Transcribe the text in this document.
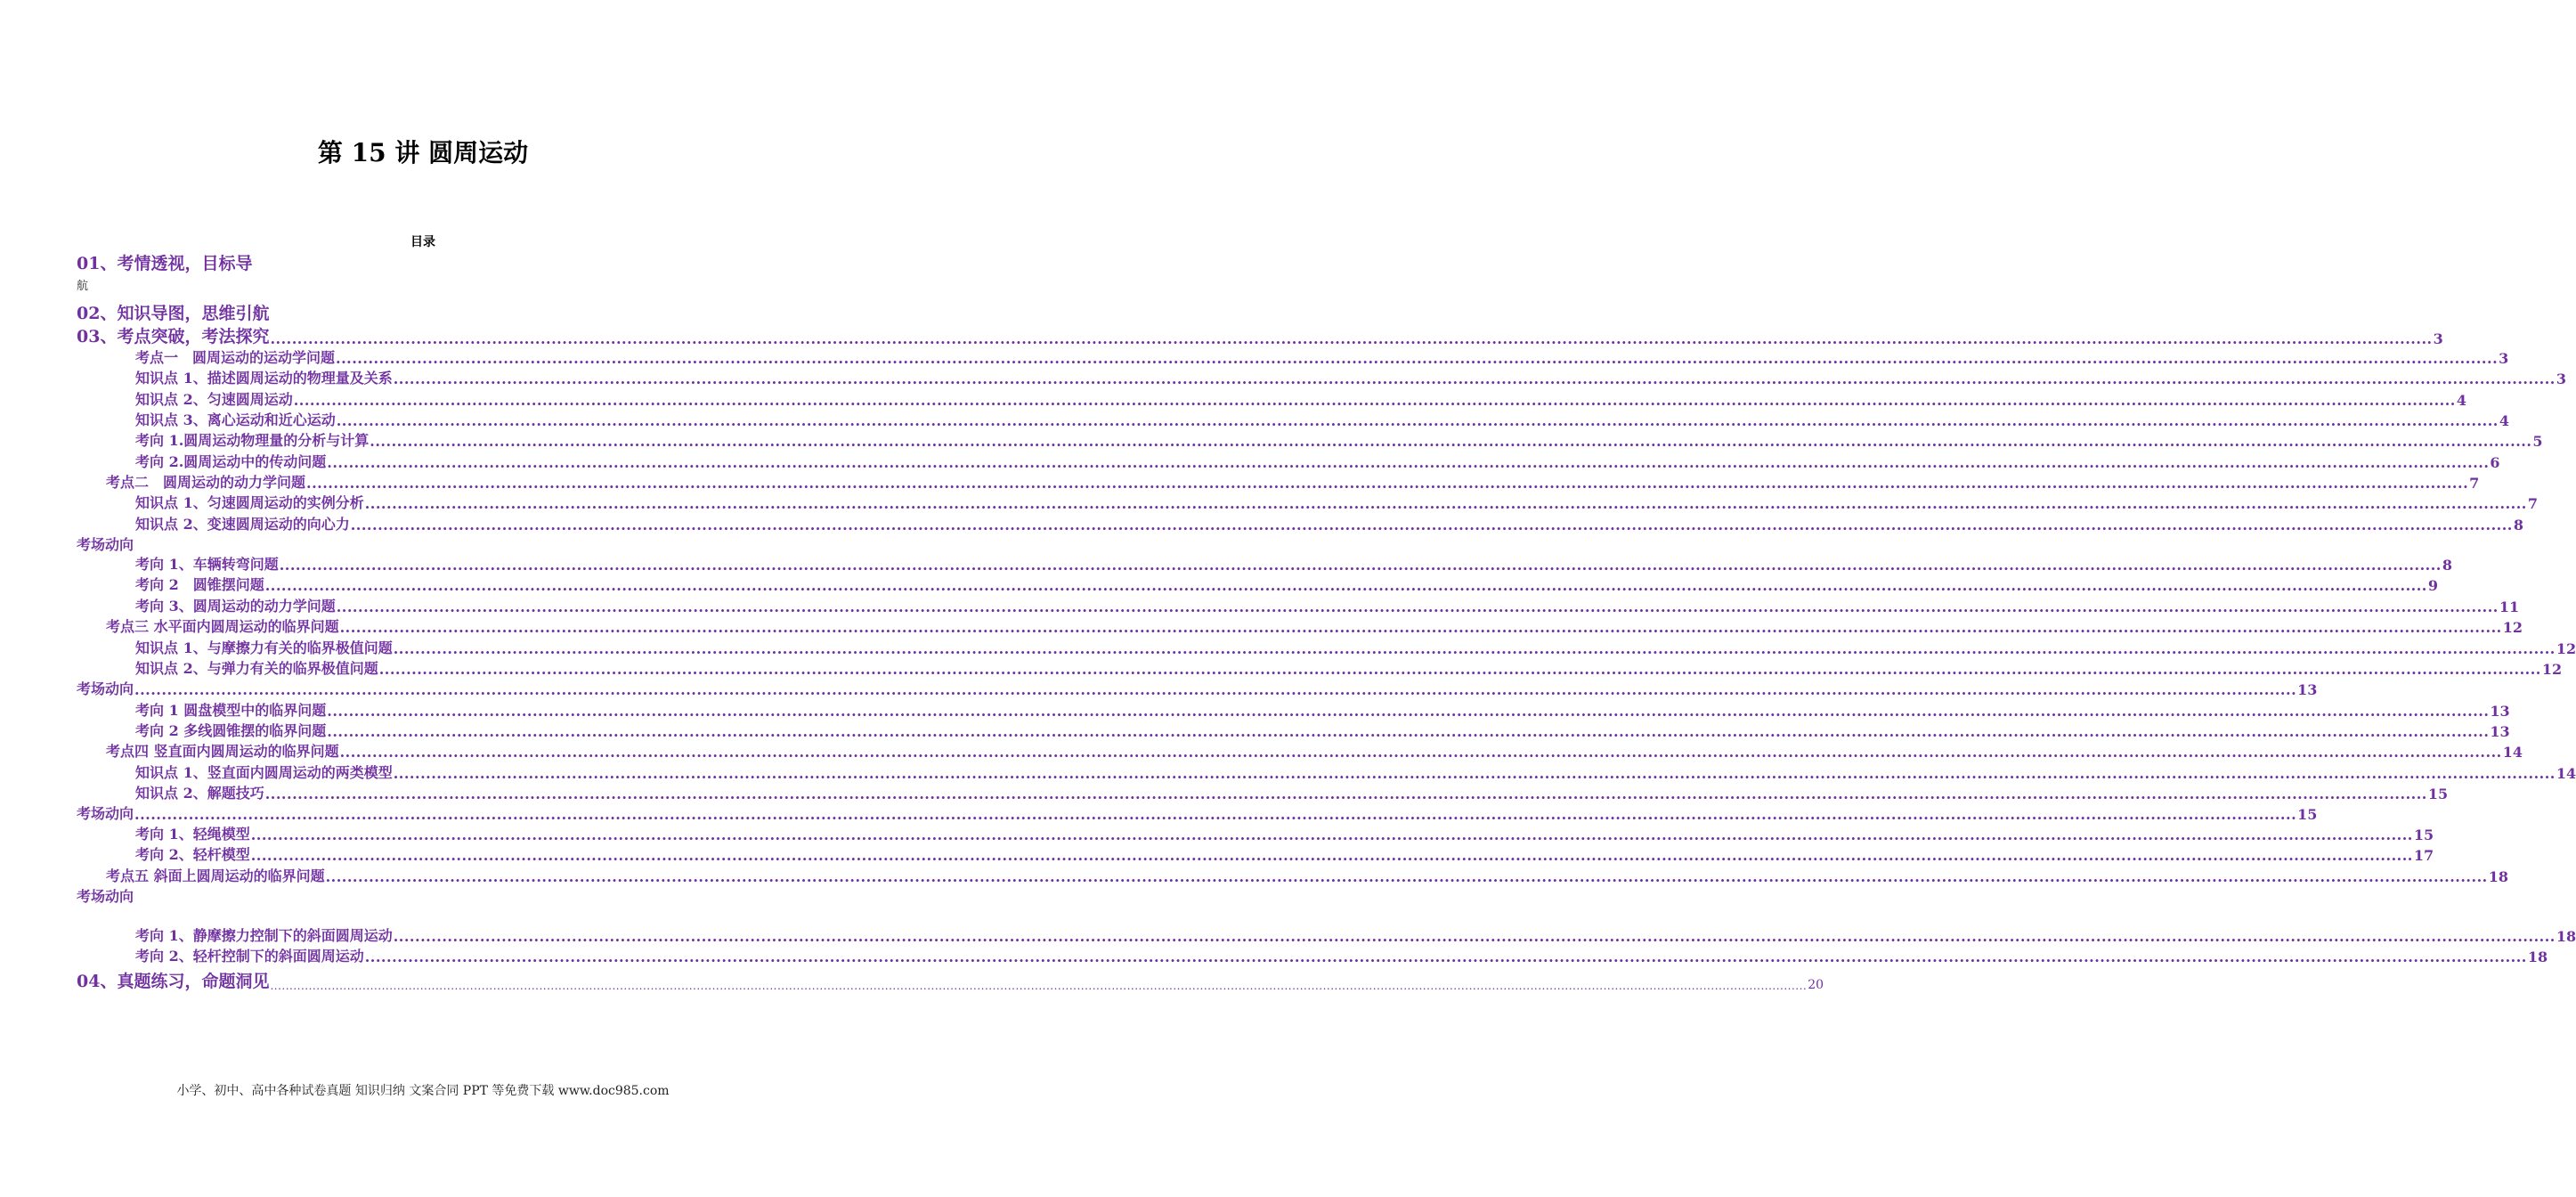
第 15 讲 圆周运动
目录
航
01、考情透视，目标导
02、知识导图，思维引航
03、考点突破，考法探究 ................................................................................................................................................................................................................................................................................................................................................................................................................ 3
考点一　圆周运动的运动学问题 ................................................................................................................................................................................................................................................................................................................................................................................................................ 3
知识点 1、描述圆周运动的物理量及关系 ................................................................................................................................................................................................................................................................................................................................................................................................................ 3
知识点 2、匀速圆周运动 ................................................................................................................................................................................................................................................................................................................................................................................................................ 4
知识点 3、离心运动和近心运动 ................................................................................................................................................................................................................................................................................................................................................................................................................ 4
考向 1.圆周运动物理量的分析与计算 ................................................................................................................................................................................................................................................................................................................................................................................................................ 5
考向 2.圆周运动中的传动问题 ................................................................................................................................................................................................................................................................................................................................................................................................................ 6
考点二　圆周运动的动力学问题 ................................................................................................................................................................................................................................................................................................................................................................................................................ 7
知识点 1、匀速圆周运动的实例分析 ................................................................................................................................................................................................................................................................................................................................................................................................................ 7
知识点 2、变速圆周运动的向心力 ................................................................................................................................................................................................................................................................................................................................................................................................................ 8
考场动向
考向 1、车辆转弯问题 ................................................................................................................................................................................................................................................................................................................................................................................................................ 8
考向 2　圆锥摆问题 ................................................................................................................................................................................................................................................................................................................................................................................................................ 9
考向 3、圆周运动的动力学问题 ................................................................................................................................................................................................................................................................................................................................................................................................................ 11
考点三 水平面内圆周运动的临界问题 ................................................................................................................................................................................................................................................................................................................................................................................................................ 12
知识点 1、与摩擦力有关的临界极值问题 ................................................................................................................................................................................................................................................................................................................................................................................................................ 12
知识点 2、与弹力有关的临界极值问题 ................................................................................................................................................................................................................................................................................................................................................................................................................ 12
考场动向 ................................................................................................................................................................................................................................................................................................................................................................................................................ 13
考向 1 圆盘模型中的临界问题 ................................................................................................................................................................................................................................................................................................................................................................................................................ 13
考向 2 多线圆锥摆的临界问题 ................................................................................................................................................................................................................................................................................................................................................................................................................ 13
考点四 竖直面内圆周运动的临界问题 ................................................................................................................................................................................................................................................................................................................................................................................................................ 14
知识点 1、竖直面内圆周运动的两类模型 ................................................................................................................................................................................................................................................................................................................................................................................................................ 14
知识点 2、解题技巧 ................................................................................................................................................................................................................................................................................................................................................................................................................ 15
考场动向 ................................................................................................................................................................................................................................................................................................................................................................................................................ 15
考向 1、轻绳模型 ................................................................................................................................................................................................................................................................................................................................................................................................................ 15
考向 2、轻杆模型 ................................................................................................................................................................................................................................................................................................................................................................................................................ 17
考点五 斜面上圆周运动的临界问题 ................................................................................................................................................................................................................................................................................................................................................................................................................ 18
考场动向
考向 1、静摩擦力控制下的斜面圆周运动 ................................................................................................................................................................................................................................................................................................................................................................................................................ 18
考向 2、轻杆控制下的斜面圆周运动 ................................................................................................................................................................................................................................................................................................................................................................................................................ 18
04、真题练习，命题洞见 ................................................................................................................................................................................................................................................................................................................................................................................................................ 20
小学、初中、高中各种试卷真题 知识归纳 文案合同 PPT 等免费下载 www.doc985.com
